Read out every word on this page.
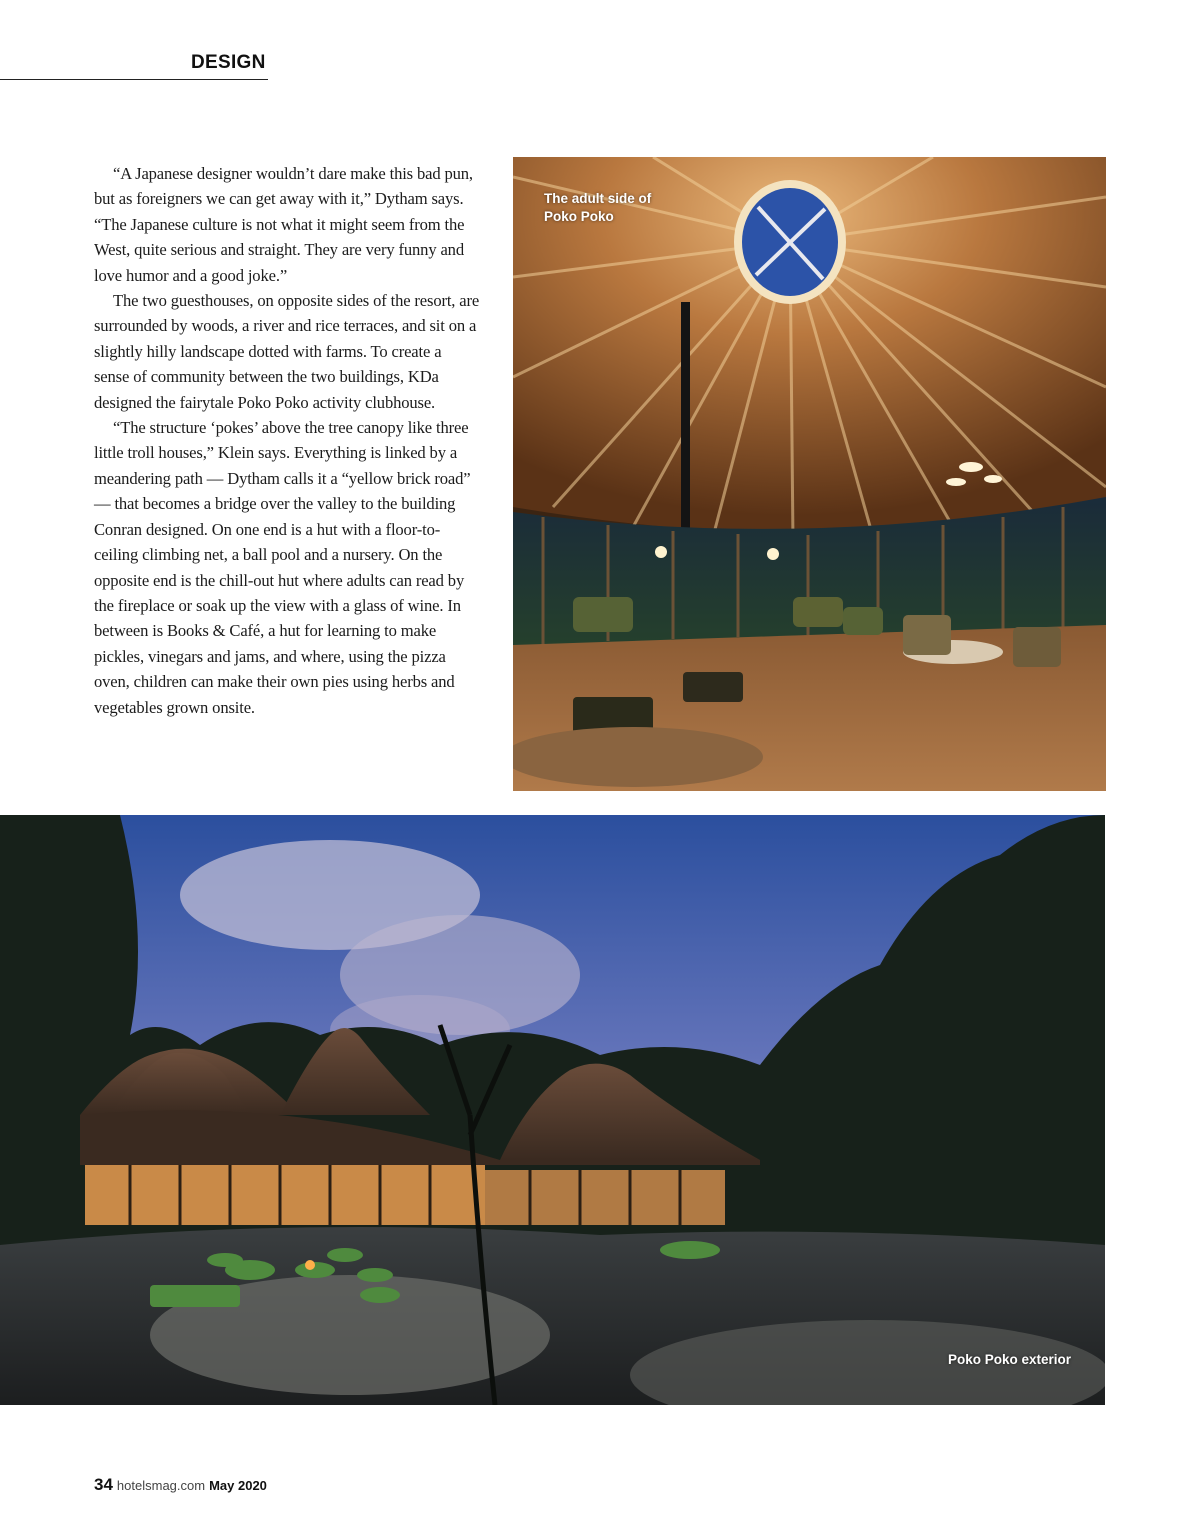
DESIGN

“A Japanese designer wouldn’t dare make this bad pun, but as foreigners we can get away with it,” Dytham says. “The Japanese culture is not what it might seem from the West, quite serious and straight. They are very funny and love humor and a good joke.”

The two guesthouses, on opposite sides of the resort, are surrounded by woods, a river and rice terraces, and sit on a slightly hilly landscape dotted with farms. To create a sense of community between the two buildings, KDa designed the fairytale Poko Poko activity clubhouse.

“The structure ‘pokes’ above the tree canopy like three little troll houses,” Klein says. Everything is linked by a meandering path — Dytham calls it a “yellow brick road” — that becomes a bridge over the valley to the building Conran designed. On one end is a hut with a floor-to-ceiling climbing net, a ball pool and a nursery. On the opposite end is the chill-out hut where adults can read by the fireplace or soak up the view with a glass of wine. In between is Books & Café, a hut for learning to make pickles, vinegars and jams, and where, using the pizza oven, children can make their own pies using herbs and vegetables grown onsite.

The adult side of Poko Poko
Poko Poko exterior
34 hotelsmag.com May 2020
